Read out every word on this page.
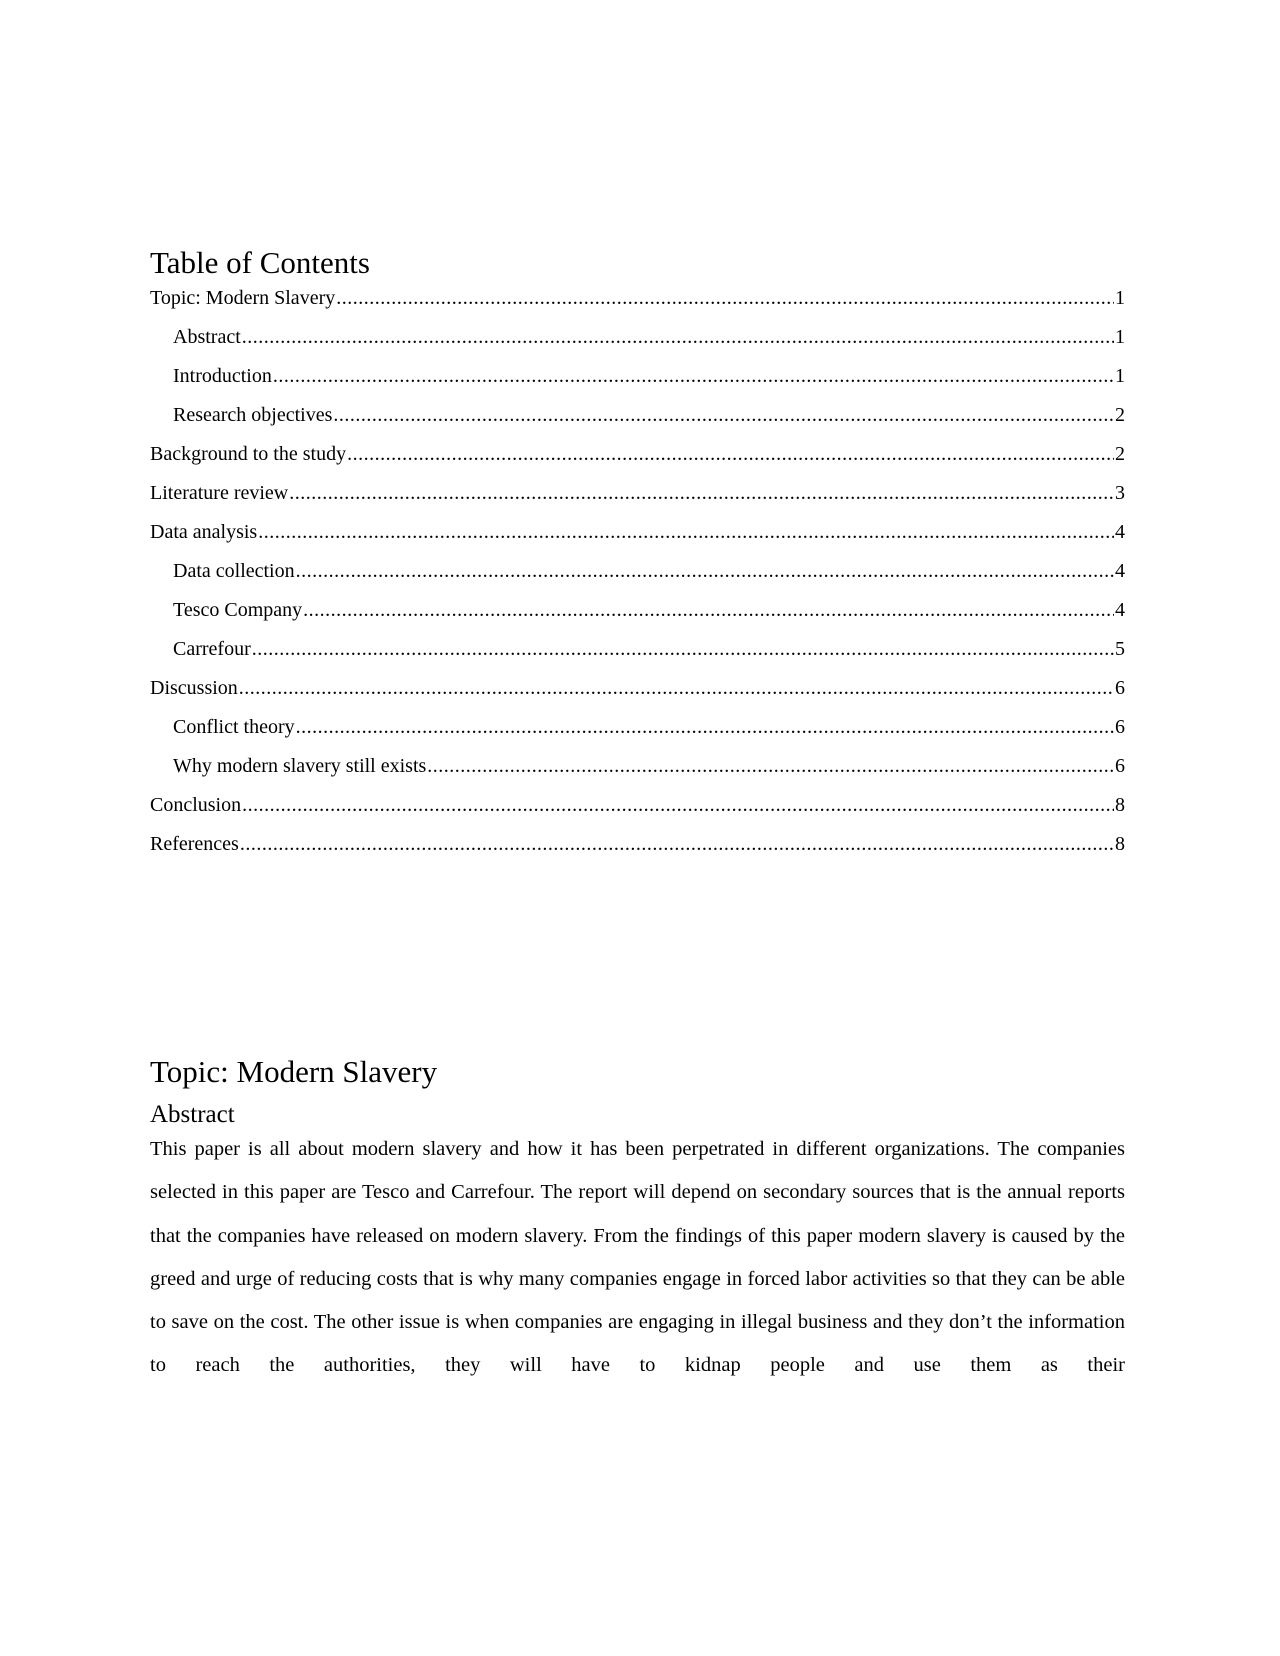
Table of Contents
Topic: Modern Slavery .....	1
Abstract .....	1
Introduction .....	1
Research objectives .....	2
Background to the study .....	2
Literature review .....	3
Data analysis .....	4
Data collection .....	4
Tesco Company .....	4
Carrefour .....	5
Discussion .....	6
Conflict theory .....	6
Why modern slavery still exists .....	6
Conclusion .....	8
References .....	8
Topic: Modern Slavery
Abstract

This paper is all about modern slavery and how it has been perpetrated in different organizations. The companies selected in this paper are Tesco and Carrefour. The report will depend on secondary sources that is the annual reports that the companies have released on modern slavery. From the findings of this paper modern slavery is caused by the greed and urge of reducing costs that is why many companies engage in forced labor activities so that they can be able to save on the cost. The other issue is when companies are engaging in illegal business and they don’t the information to reach the authorities, they will have to kidnap people and use them as their
